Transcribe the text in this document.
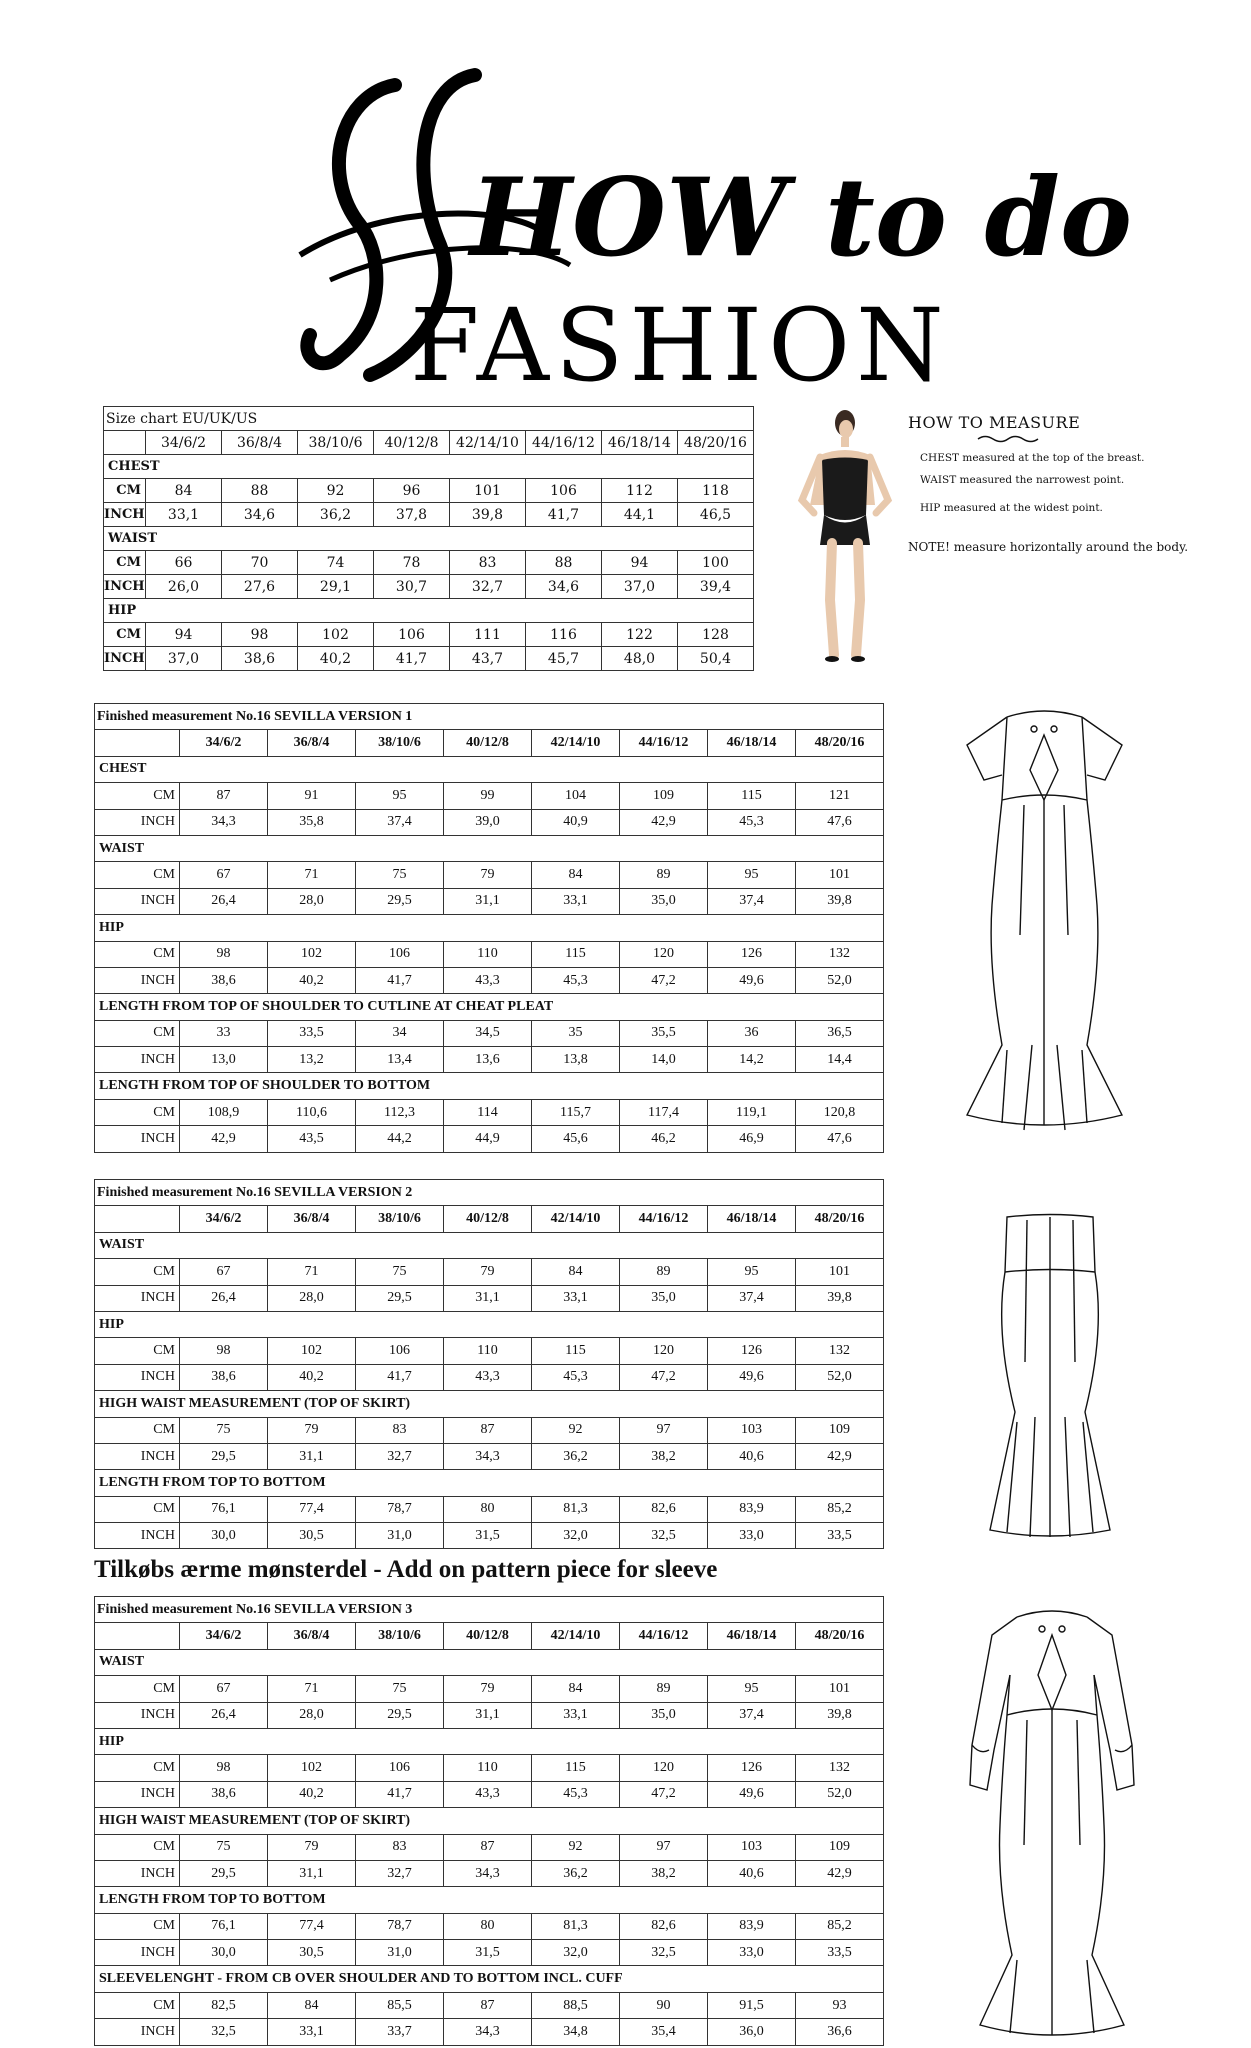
HOW to do
FASHION
Size chart EU/UK/US								
	34/6/2	36/8/4	38/10/6	40/12/8	42/14/10	44/16/12	46/18/14	48/20/16
CHEST								
CM	84	88	92	96	101	106	112	118
INCH	33,1	34,6	36,2	37,8	39,8	41,7	44,1	46,5
WAIST								
CM	66	70	74	78	83	88	94	100
INCH	26,0	27,6	29,1	30,7	32,7	34,6	37,0	39,4
HIP								
CM	94	98	102	106	111	116	122	128
INCH	37,0	38,6	40,2	41,7	43,7	45,7	48,0	50,4
HOW TO MEASURE
CHEST measured at the top of the breast.
WAIST measured the narrowest point.
HIP measured at the widest point.
NOTE! measure horizontally around the body.
Finished measurement No.16 SEVILLA VERSION 1								
	34/6/2	36/8/4	38/10/6	40/12/8	42/14/10	44/16/12	46/18/14	48/20/16
CHEST								
CM	87	91	95	99	104	109	115	121
INCH	34,3	35,8	37,4	39,0	40,9	42,9	45,3	47,6
WAIST								
CM	67	71	75	79	84	89	95	101
INCH	26,4	28,0	29,5	31,1	33,1	35,0	37,4	39,8
HIP								
CM	98	102	106	110	115	120	126	132
INCH	38,6	40,2	41,7	43,3	45,3	47,2	49,6	52,0
LENGTH FROM TOP OF SHOULDER TO CUTLINE AT CHEAT PLEAT								
CM	33	33,5	34	34,5	35	35,5	36	36,5
INCH	13,0	13,2	13,4	13,6	13,8	14,0	14,2	14,4
LENGTH FROM TOP OF SHOULDER TO BOTTOM								
CM	108,9	110,6	112,3	114	115,7	117,4	119,1	120,8
INCH	42,9	43,5	44,2	44,9	45,6	46,2	46,9	47,6
Finished measurement No.16 SEVILLA VERSION 2								
	34/6/2	36/8/4	38/10/6	40/12/8	42/14/10	44/16/12	46/18/14	48/20/16
WAIST								
CM	67	71	75	79	84	89	95	101
INCH	26,4	28,0	29,5	31,1	33,1	35,0	37,4	39,8
HIP								
CM	98	102	106	110	115	120	126	132
INCH	38,6	40,2	41,7	43,3	45,3	47,2	49,6	52,0
HIGH WAIST MEASUREMENT (TOP OF SKIRT)								
CM	75	79	83	87	92	97	103	109
INCH	29,5	31,1	32,7	34,3	36,2	38,2	40,6	42,9
LENGTH FROM TOP TO BOTTOM								
CM	76,1	77,4	78,7	80	81,3	82,6	83,9	85,2
INCH	30,0	30,5	31,0	31,5	32,0	32,5	33,0	33,5
Tilkøbs ærme mønsterdel - Add on pattern piece for sleeve
Finished measurement No.16 SEVILLA VERSION 3								
	34/6/2	36/8/4	38/10/6	40/12/8	42/14/10	44/16/12	46/18/14	48/20/16
WAIST								
CM	67	71	75	79	84	89	95	101
INCH	26,4	28,0	29,5	31,1	33,1	35,0	37,4	39,8
HIP								
CM	98	102	106	110	115	120	126	132
INCH	38,6	40,2	41,7	43,3	45,3	47,2	49,6	52,0
HIGH WAIST MEASUREMENT (TOP OF SKIRT)								
CM	75	79	83	87	92	97	103	109
INCH	29,5	31,1	32,7	34,3	36,2	38,2	40,6	42,9
LENGTH FROM TOP TO BOTTOM								
CM	76,1	77,4	78,7	80	81,3	82,6	83,9	85,2
INCH	30,0	30,5	31,0	31,5	32,0	32,5	33,0	33,5
SLEEVELENGHT - FROM CB OVER SHOULDER AND TO BOTTOM INCL. CUFF								
CM	82,5	84	85,5	87	88,5	90	91,5	93
INCH	32,5	33,1	33,7	34,3	34,8	35,4	36,0	36,6
